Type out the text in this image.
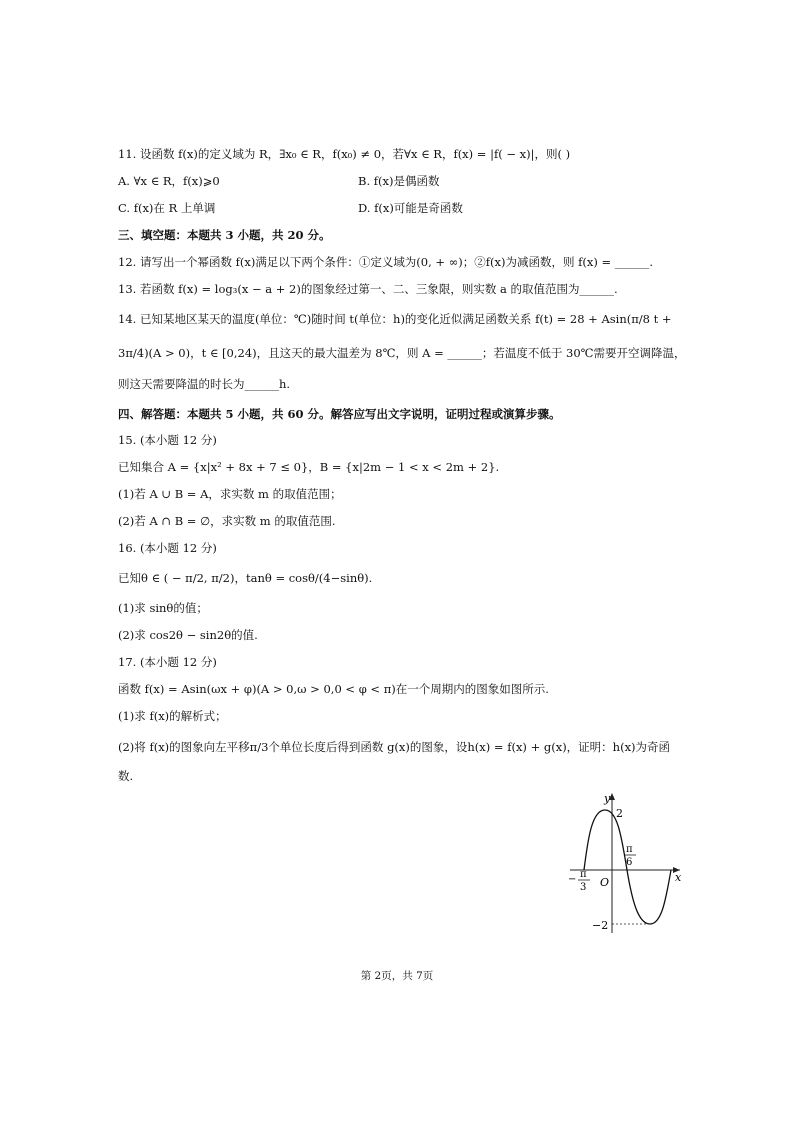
11. 设函数 f(x)的定义域为 R，∃x₀ ∈ R，f(x₀) ≠ 0，若∀x ∈ R，f(x) = |f( − x)|，则( )
A. ∀x ∈ R，f(x)⩾0	B. f(x)是偶函数
C. f(x)在 R 上单调	D. f(x)可能是奇函数
三、填空题：本题共 3 小题，共 20 分。
12. 请写出一个幂函数 f(x)满足以下两个条件：①定义域为(0, + ∞)；②f(x)为减函数，则 f(x) = ______.
13. 若函数 f(x) = log₃(x − a + 2)的图象经过第一、二、三象限，则实数 a 的取值范围为______.
14. 已知某地区某天的温度(单位：℃)随时间 t(单位：h)的变化近似满足函数关系 f(t) = 28 + Asin(π/8 t +
3π/4)(A > 0)，t ∈ [0,24)，且这天的最大温差为 8℃，则 A = ______；若温度不低于 30℃需要开空调降温，
则这天需要降温的时长为______h.
四、解答题：本题共 5 小题，共 60 分。解答应写出文字说明，证明过程或演算步骤。
15. (本小题 12 分)
已知集合 A = {x|x² + 8x + 7 ≤ 0}，B = {x|2m − 1 < x < 2m + 2}.
(1)若 A ∪ B = A，求实数 m 的取值范围；
(2)若 A ∩ B = ∅，求实数 m 的取值范围.
16. (本小题 12 分)
已知θ ∈ ( − π/2, π/2)，tanθ = cosθ/(4−sinθ).
(1)求 sinθ的值；
(2)求 cos2θ − sin2θ的值.
17. (本小题 12 分)
函数 f(x) = Asin(ωx + φ)(A > 0,ω > 0,0 < φ < π)在一个周期内的图象如图所示.
(1)求 f(x)的解析式；
(2)将 f(x)的图象向左平移π/3个单位长度后得到函数 g(x)的图象，设h(x) = f(x) + g(x)，证明：h(x)为奇函
数.
y
x
O
2
−2
π
6
− π
3
第 2页，共 7页
